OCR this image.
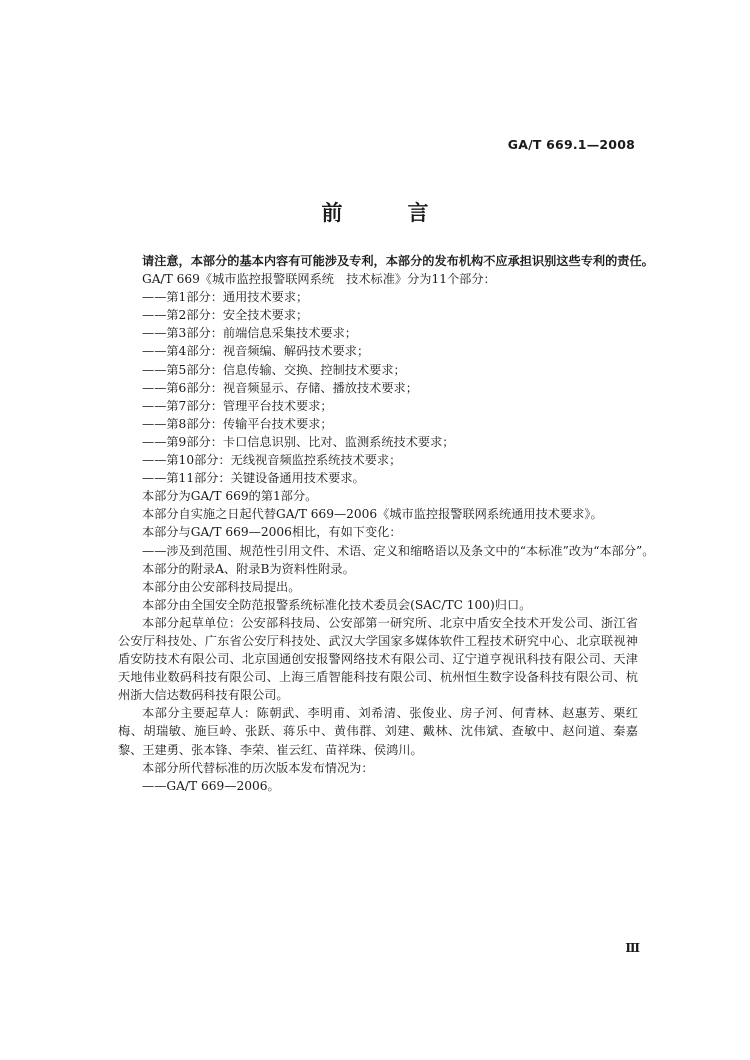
GA/T 669.1—2008
前　言

请注意，本部分的基本内容有可能涉及专利，本部分的发布机构不应承担识别这些专利的责任。

GA/T 669《城市监控报警联网系统　技术标准》分为11个部分：

——第1部分：通用技术要求；

——第2部分：安全技术要求；

——第3部分：前端信息采集技术要求；

——第4部分：视音频编、解码技术要求；

——第5部分：信息传输、交换、控制技术要求；

——第6部分：视音频显示、存储、播放技术要求；

——第7部分：管理平台技术要求；

——第8部分：传输平台技术要求；

——第9部分：卡口信息识别、比对、监测系统技术要求；

——第10部分：无线视音频监控系统技术要求；

——第11部分：关键设备通用技术要求。

本部分为GA/T 669的第1部分。

本部分自实施之日起代替GA/T 669—2006《城市监控报警联网系统通用技术要求》。

本部分与GA/T 669—2006相比，有如下变化：

——涉及到范围、规范性引用文件、术语、定义和缩略语以及条文中的“本标准”改为“本部分”。

本部分的附录A、附录B为资料性附录。

本部分由公安部科技局提出。

本部分由全国安全防范报警系统标准化技术委员会(SAC/TC 100)归口。

本部分起草单位：公安部科技局、公安部第一研究所、北京中盾安全技术开发公司、浙江省公安厅科技处、广东省公安厅科技处、武汉大学国家多媒体软件工程技术研究中心、北京联视神盾安防技术有限公司、北京国通创安报警网络技术有限公司、辽宁道亨视讯科技有限公司、天津天地伟业数码科技有限公司、上海三盾智能科技有限公司、杭州恒生数字设备科技有限公司、杭州浙大信达数码科技有限公司。

本部分主要起草人：陈朝武、李明甫、刘希清、张俊业、房子河、何青林、赵惠芳、栗红梅、胡瑞敏、施巨岭、张跃、蒋乐中、黄伟群、刘建、戴林、沈伟斌、查敏中、赵问道、秦嘉黎、王建勇、张本锋、李荣、崔云红、苗祥珠、侯鸿川。

本部分所代替标准的历次版本发布情况为：

——GA/T 669—2006。

Ⅲ
